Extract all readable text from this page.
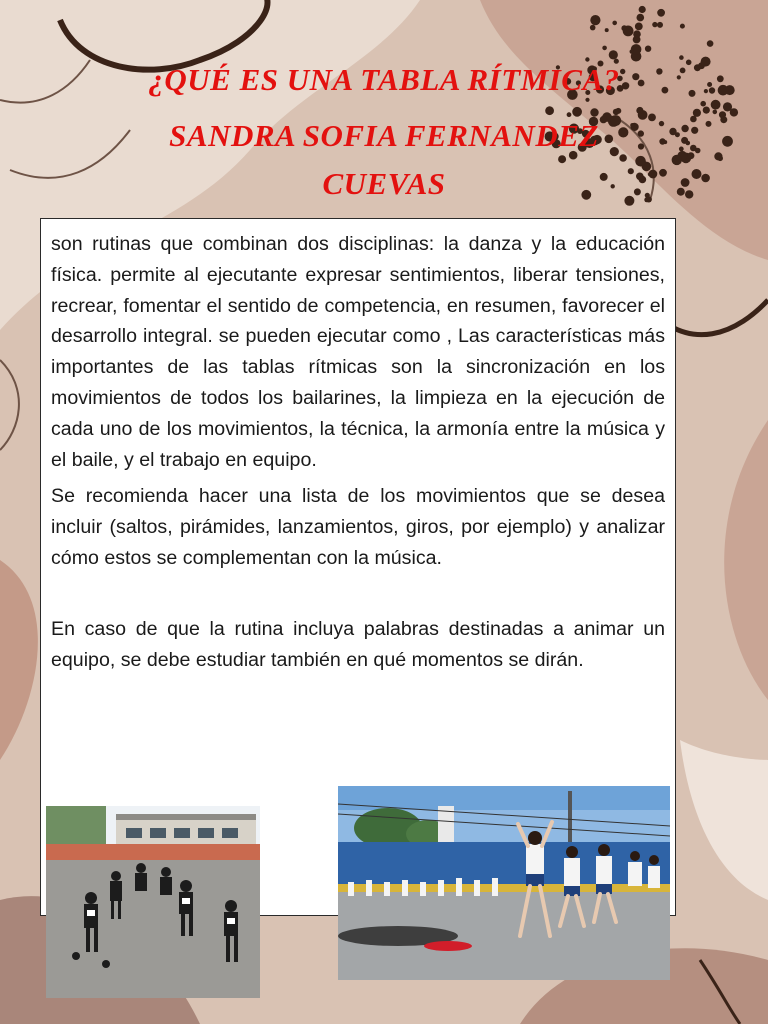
¿QUÉ ES UNA TABLA RÍTMICA?
SANDRA SOFIA FERNANDEZ
CUEVAS

son rutinas que combinan dos disciplinas: la danza y la educación física. permite al ejecutante expresar sentimientos, liberar tensiones, recrear, fomentar el sentido de competencia, en resumen, favorecer el desarrollo integral. se pueden ejecutar como , Las características más importantes de las tablas rítmicas son la sincronización en los movimientos de todos los bailarines, la limpieza en la ejecución de cada uno de los movimientos, la técnica, la armonía entre la música y el baile, y el trabajo en equipo.

Se recomienda hacer una lista de los movimientos que se desea incluir (saltos, pirámides, lanzamientos, giros, por ejemplo) y analizar cómo estos se complementan con la música.

En caso de que la rutina incluya palabras destinadas a animar un equipo, se debe estudiar también en qué momentos se dirán.
